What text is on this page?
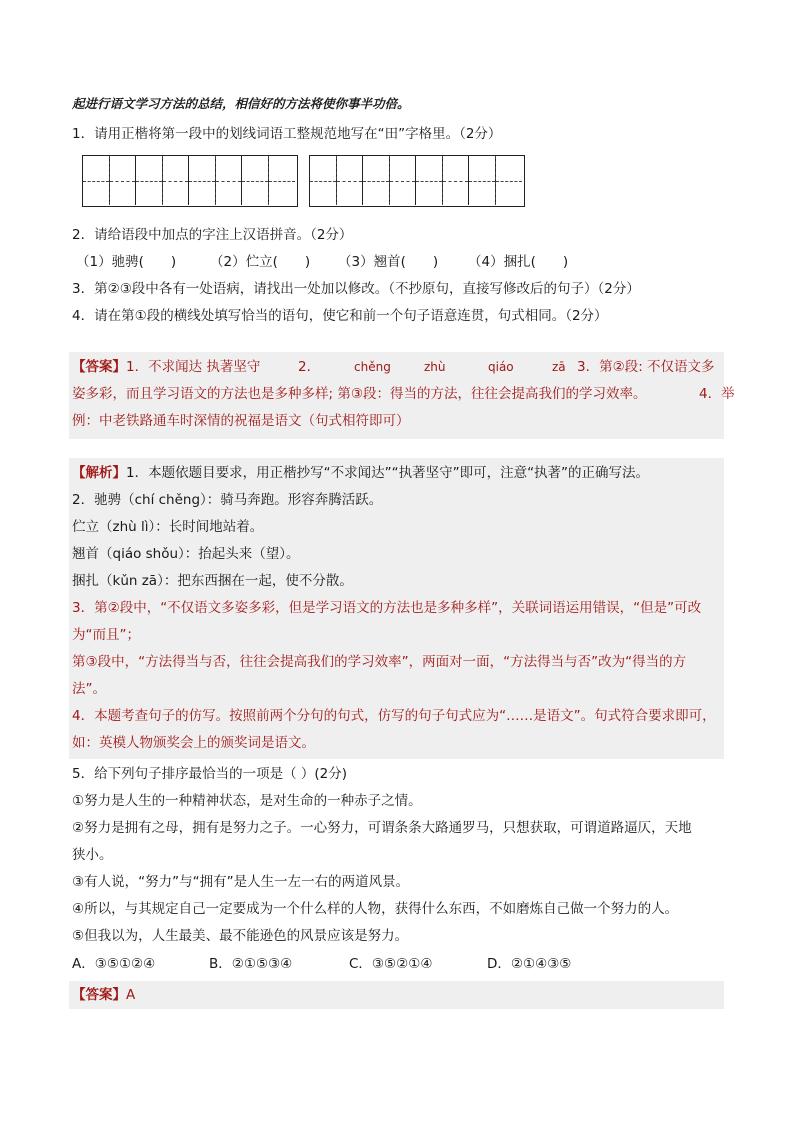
起进行语文学习方法的总结，相信好的方法将使你事半功倍。
1．请用正楷将第一段中的划线词语工整规范地写在“田”字格里。（2分）
2．请给语段中加点的字注上汉语拼音。（2分）
（1）驰骋(　　)	（2）伫立(　　) （3）翘首(　　) （4）捆扎(　　)
3．第②③段中各有一处语病，请找出一处加以修改。（不抄原句，直接写修改后的句子）（2分）
4．请在第①段的横线处填写恰当的语句，使它和前一个句子语意连贯，句式相同。（2分）
【答案】1．不求闻达 执著坚守	2．	chěng	zhù	qiáo	zā 3．第②段: 不仅语文多
姿多彩，而且学习语文的方法也是多种多样; 第③段：得当的方法，往往会提高我们的学习效率。	4．举
例：中老铁路通车时深情的祝福是语文（句式相符即可）
【解析】1．本题依题目要求，用正楷抄写“不求闻达”“执著坚守”即可，注意“执著”的正确写法。
2．驰骋（chí chěng）：骑马奔跑。形容奔腾活跃。
伫立（zhù lì）：长时间地站着。
翘首（qiáo shǒu）：抬起头来（望）。
捆扎（kǔn zā）：把东西捆在一起，使不分散。
3．第②段中，“不仅语文多姿多彩，但是学习语文的方法也是多种多样”，关联词语运用错误，“但是”可改
为“而且”；
第③段中，“方法得当与否，往往会提高我们的学习效率”，两面对一面，“方法得当与否”改为“得当的方
法”。
4．本题考查句子的仿写。按照前两个分句的句式，仿写的句子句式应为“……是语文”。句式符合要求即可，
如：英模人物颁奖会上的颁奖词是语文。
5．给下列句子排序最恰当的一项是（ ）(2分)
①努力是人生的一种精神状态，是对生命的一种赤子之情。
②努力是拥有之母，拥有是努力之子。一心努力，可谓条条大路通罗马，只想获取，可谓道路逼仄，天地
狭小。
③有人说，“努力”与“拥有”是人生一左一右的两道风景。
④所以，与其规定自己一定要成为一个什么样的人物，获得什么东西，不如磨炼自己做一个努力的人。
⑤但我以为，人生最美、最不能逊色的风景应该是努力。
A．③⑤①②④	B．②①⑤③④	C．③⑤②①④	D．②①④③⑤
【答案】A
